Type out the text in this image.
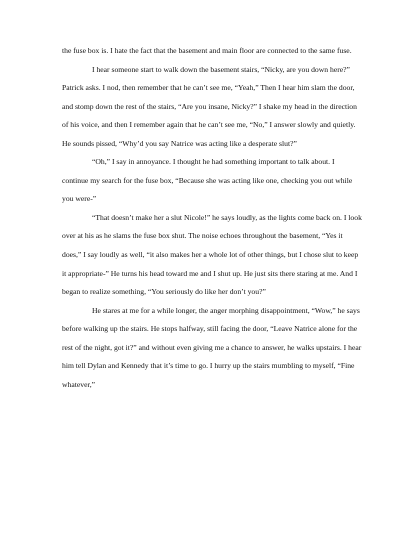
the fuse box is. I hate the fact that the basement and main floor are connected to the same fuse.

I hear someone start to walk down the basement stairs, “Nicky, are you down here?” Patrick asks. I nod, then remember that he can’t see me, “Yeah,” Then I hear him slam the door, and stomp down the rest of the stairs, “Are you insane, Nicky?” I shake my head in the direction of his voice, and then I remember again that he can’t see me, “No,” I answer slowly and quietly. He sounds pissed, “Why’d you say Natrice was acting like a desperate slut?”

“Oh,” I say in annoyance. I thought he had something important to talk about. I continue my search for the fuse box, “Because she was acting like one, checking you out while you were-”

“That doesn’t make her a slut Nicole!” he says loudly, as the lights come back on. I look over at his as he slams the fuse box shut. The noise echoes throughout the basement, “Yes it does,” I say loudly as well, “it also makes her a whole lot of other things, but I chose slut to keep it appropriate-” He turns his head toward me and I shut up. He just sits there staring at me. And I began to realize something, “You seriously do like her don’t you?”

He stares at me for a while longer, the anger morphing disappointment, “Wow,” he says before walking up the stairs. He stops halfway, still facing the door, “Leave Natrice alone for the rest of the night, got it?” and without even giving me a chance to answer, he walks upstairs. I hear him tell Dylan and Kennedy that it’s time to go. I hurry up the stairs mumbling to myself, “Fine whatever,”
